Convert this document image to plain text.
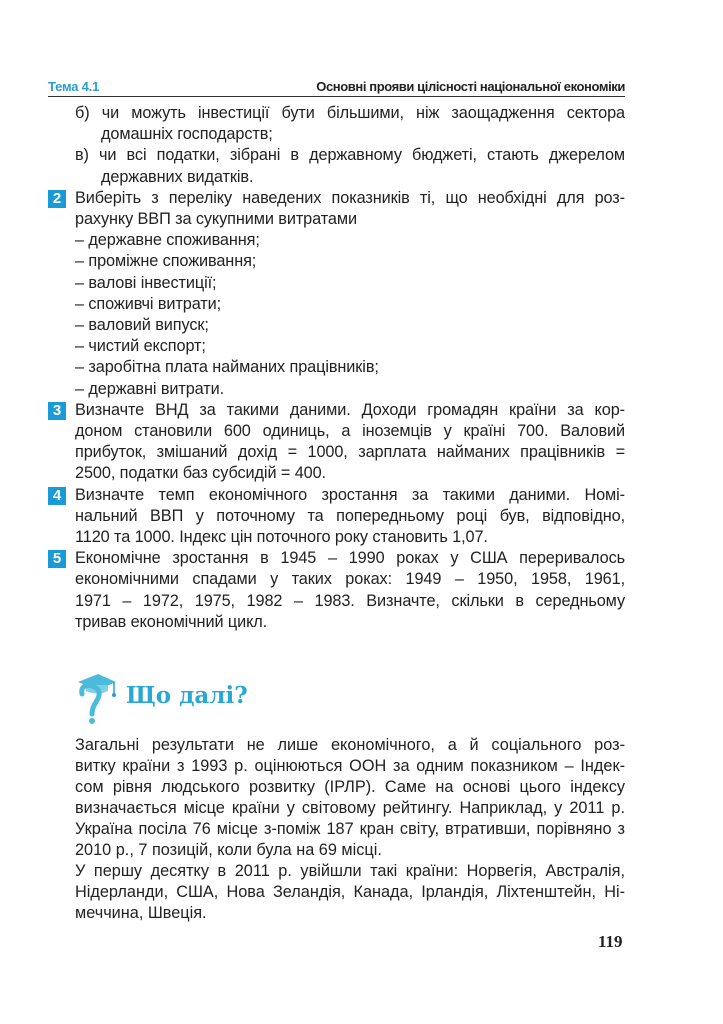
Тема 4.1	Основні прояви цілісності національної економіки
б) чи можуть інвестиції бути більшими, ніж заощадження сектора
домашніх господарств;
в) чи всі податки, зібрані в державному бюджеті, стають джерелом
державних видатків.
2 Виберіть з переліку наведених показників ті, що необхідні для роз-
рахунку ВВП за сукупними витратами
– державне споживання;
– проміжне споживання;
– валові інвестиції;
– споживчі витрати;
– валовий випуск;
– чистий експорт;
– заробітна плата найманих працівників;
– державні витрати.
3 Визначте ВНД за такими даними. Доходи громадян країни за кор-
доном становили 600 одиниць, а іноземців у країні 700. Валовий
прибуток, змішаний дохід = 1000, зарплата найманих працівників =
2500, податки баз субсидій = 400.
4 Визначте темп економічного зростання за такими даними. Номі-
нальний ВВП у поточному та попередньому році був, відповідно,
1120 та 1000. Індекс цін поточного року становить 1,07.
5 Економічне зростання в 1945 – 1990 роках у США переривалось
економічними спадами у таких роках: 1949 – 1950, 1958, 1961,
1971 – 1972, 1975, 1982 – 1983. Визначте, скільки в середньому
тривав економічний цикл.
Що далі?
Загальні результати не лише економічного, а й соціального роз-
витку країни з 1993 р. оцінюються ООН за одним показником – Індек-
сом рівня людського розвитку (ІРЛР). Саме на основі цього індексу
визначається місце країни у світовому рейтингу. Наприклад, у 2011 р.
Україна посіла 76 місце з-поміж 187 кран світу, втративши, порівняно з
2010 р., 7 позицій, коли була на 69 місці.
У першу десятку в 2011 р. увійшли такі країни: Норвегія, Австралія,
Нідерланди, США, Нова Зеландія, Канада, Ірландія, Ліхтенштейн, Ні-
меччина, Швеція.
119
